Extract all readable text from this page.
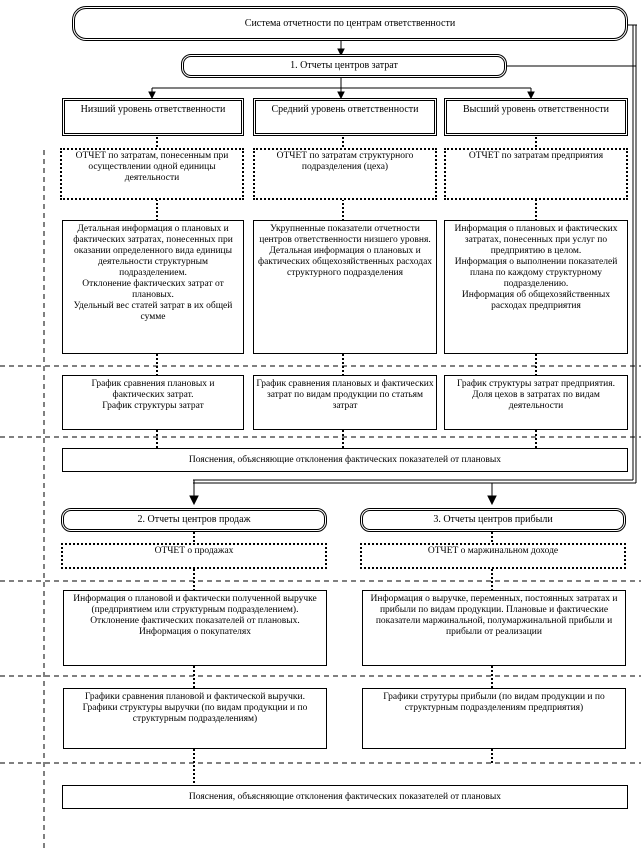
Система отчетности по центрам ответственности
1. Отчеты центров затрат
Низший уровень ответственности	Средний уровень ответственности	Высший уровень ответственности
ОТЧЕТ по затратам, понесенным при осуществлении одной единицы деятельности
ОТЧЕТ по затратам структурного подразделения (цеха)
ОТЧЕТ по затратам предприятия
Детальная информация о плановых и фактических затратах, понесенных при оказании определенного вида единицы деятельности структурным подразделением.
Отклонение фактических затрат от плановых.
Удельный вес статей затрат в их общей сумме
Укрупненные показатели отчетности центров ответственности низшего уровня.
Детальная информация о плановых и фактических общехозяйственных расходах структурного подразделения
Информация о плановых и фактических затратах, понесенных при услуг по предприятию в целом.
Информация о выполнении показателей плана по каждому структурному подразделению.
Информация об общехозяйственных расходах предприятия
График сравнения плановых и фактических затрат.
График структуры затрат
График сравнения плановых и фактических затрат по видам продукции по статьям затрат
График структуры затрат предприятия.
Доля цехов в затратах по видам деятельности
Пояснения, объясняющие отклонения фактических показателей от плановых
2. Отчеты центров продаж	3. Отчеты центров прибыли
ОТЧЕТ о продажах	ОТЧЕТ о маржинальном доходе
Информация о плановой и фактически полученной выручке (предприятием или структурным подразделением). Отклонение фактических показателей от плановых.
Информация о покупателях
Информация о выручке, переменных, постоянных затратах и прибыли по видам продукции. Плановые и фактические показатели маржинальной, полумаржинальной прибыли и прибыли от реализации
Графики сравнения плановой и фактической выручки.
Графики структуры выручки (по видам продукции и по структурным подразделениям)
Графики струтуры прибыли (по видам продукции и по структурным подразделениям предприятия)
Пояснения, объясняющие отклонения фактических показателей от плановых
